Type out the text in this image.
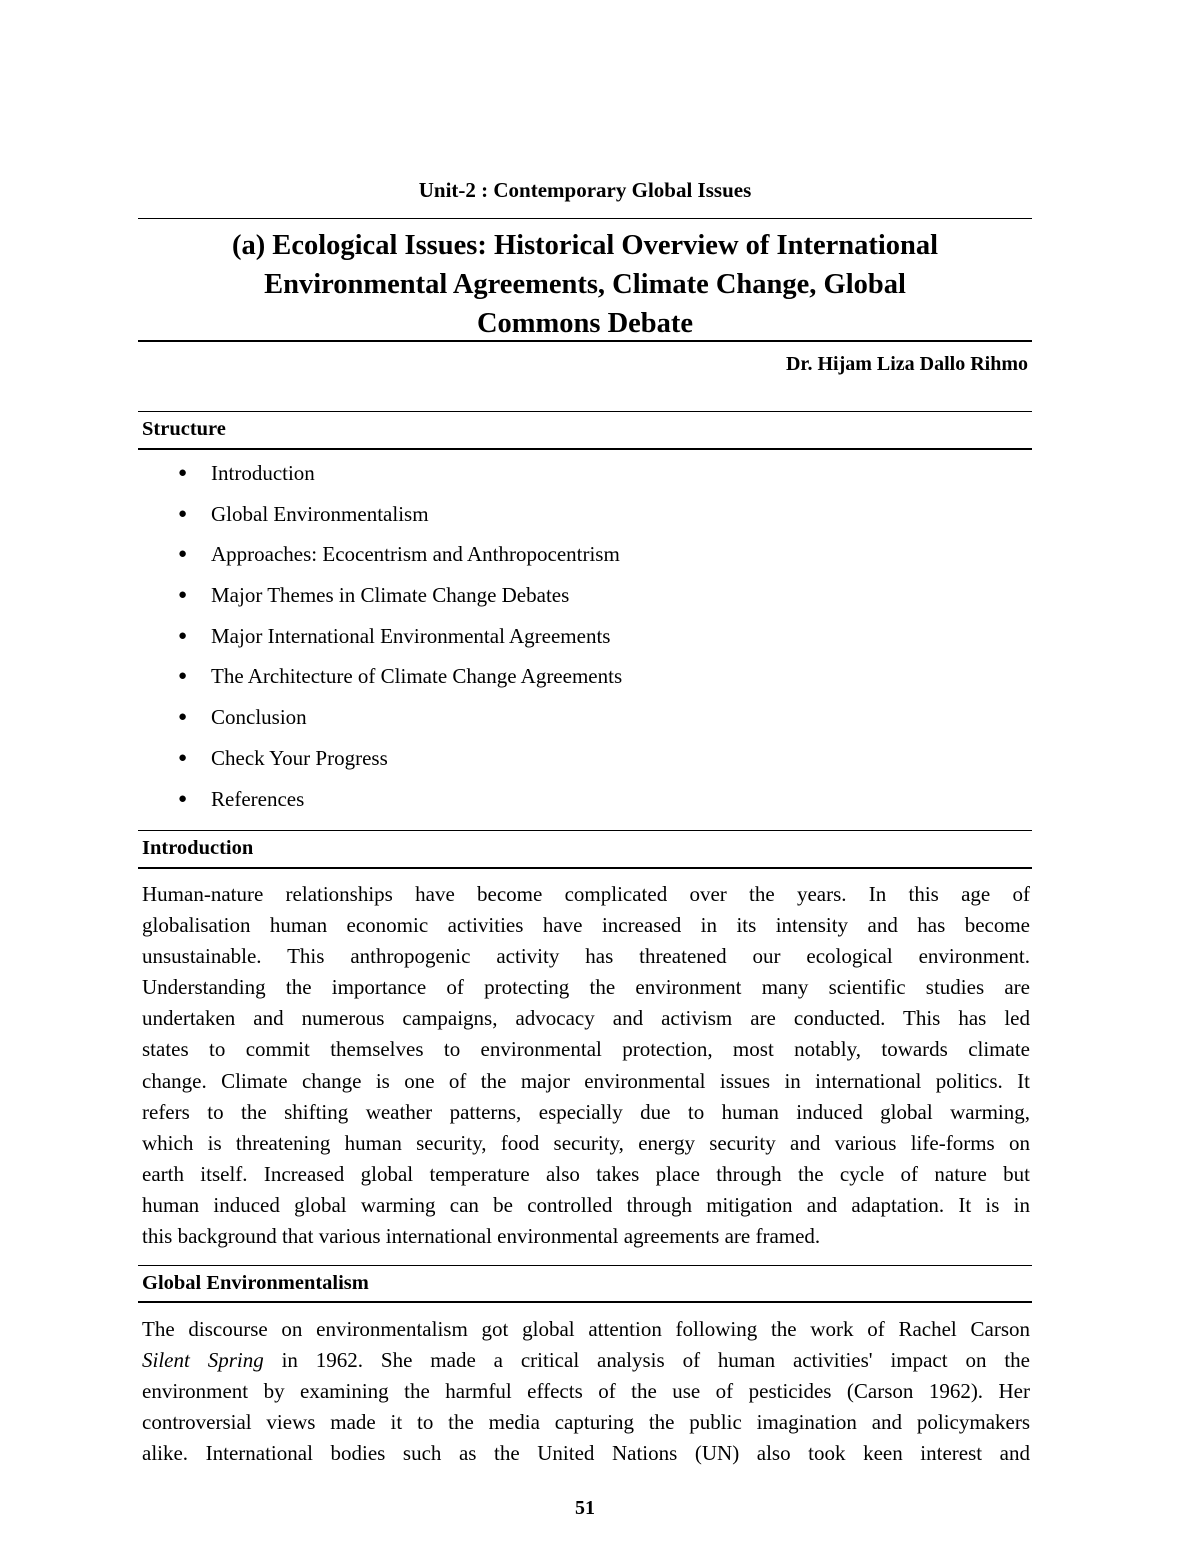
Unit-2 : Contemporary Global Issues
(a) Ecological Issues: Historical Overview of International
Environmental Agreements, Climate Change, Global
Commons Debate
Dr. Hijam Liza Dallo Rihmo
Structure
●	Introduction
●	Global Environmentalism
●	Approaches: Ecocentrism and Anthropocentrism
●	Major Themes in Climate Change Debates
●	Major International Environmental Agreements
●	The Architecture of Climate Change Agreements
●	Conclusion
●	Check Your Progress
●	References
Introduction
Human-nature relationships have become complicated over the years. In this age of
globalisation human economic activities have increased in its intensity and has become
unsustainable. This anthropogenic activity has threatened our ecological environment.
Understanding the importance of protecting the environment many scientific studies are
undertaken and numerous campaigns, advocacy and activism are conducted. This has led
states to commit themselves to environmental protection, most notably, towards climate
change. Climate change is one of the major environmental issues in international politics. It
refers to the shifting weather patterns, especially due to human induced global warming,
which is threatening human security, food security, energy security and various life-forms on
earth itself. Increased global temperature also takes place through the cycle of nature but
human induced global warming can be controlled through mitigation and adaptation. It is in
this background that various international environmental agreements are framed.
Global Environmentalism
The discourse on environmentalism got global attention following the work of Rachel Carson
Silent Spring in 1962. She made a critical analysis of human activities' impact on the
environment by examining the harmful effects of the use of pesticides (Carson 1962). Her
controversial views made it to the media capturing the public imagination and policymakers
alike. International bodies such as the United Nations (UN) also took keen interest and
51
